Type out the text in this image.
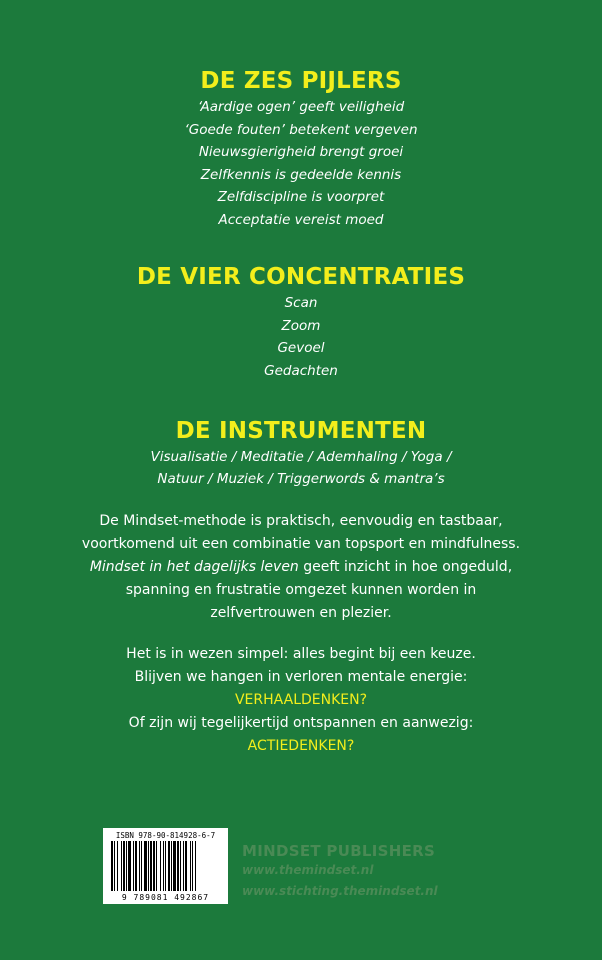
DE ZES PIJLERS
‘Aardige ogen’ geeft veiligheid
‘Goede fouten’ betekent vergeven
Nieuwsgierigheid brengt groei
Zelfkennis is gedeelde kennis
Zelfdiscipline is voorpret
Acceptatie vereist moed
DE VIER CONCENTRATIES
Scan
Zoom
Gevoel
Gedachten
DE INSTRUMENTEN
Visualisatie / Meditatie / Ademhaling / Yoga /
Natuur / Muziek / Triggerwords & mantra’s
De Mindset-methode is praktisch, eenvoudig en tastbaar,
voortkomend uit een combinatie van topsport en mindfulness.
Mindset in het dagelijks leven geeft inzicht in hoe ongeduld,
spanning en frustratie omgezet kunnen worden in
zelfvertrouwen en plezier.
Het is in wezen simpel: alles begint bij een keuze.
Blijven we hangen in verloren mentale energie:
VERHAALDENKEN?
Of zijn wij tegelijkertijd ontspannen en aanwezig:
ACTIEDENKEN?
ISBN 978-90-814928-6-7
9 789081 492867
MINDSET PUBLISHERS
www.themindset.nl
www.stichting.themindset.nl
